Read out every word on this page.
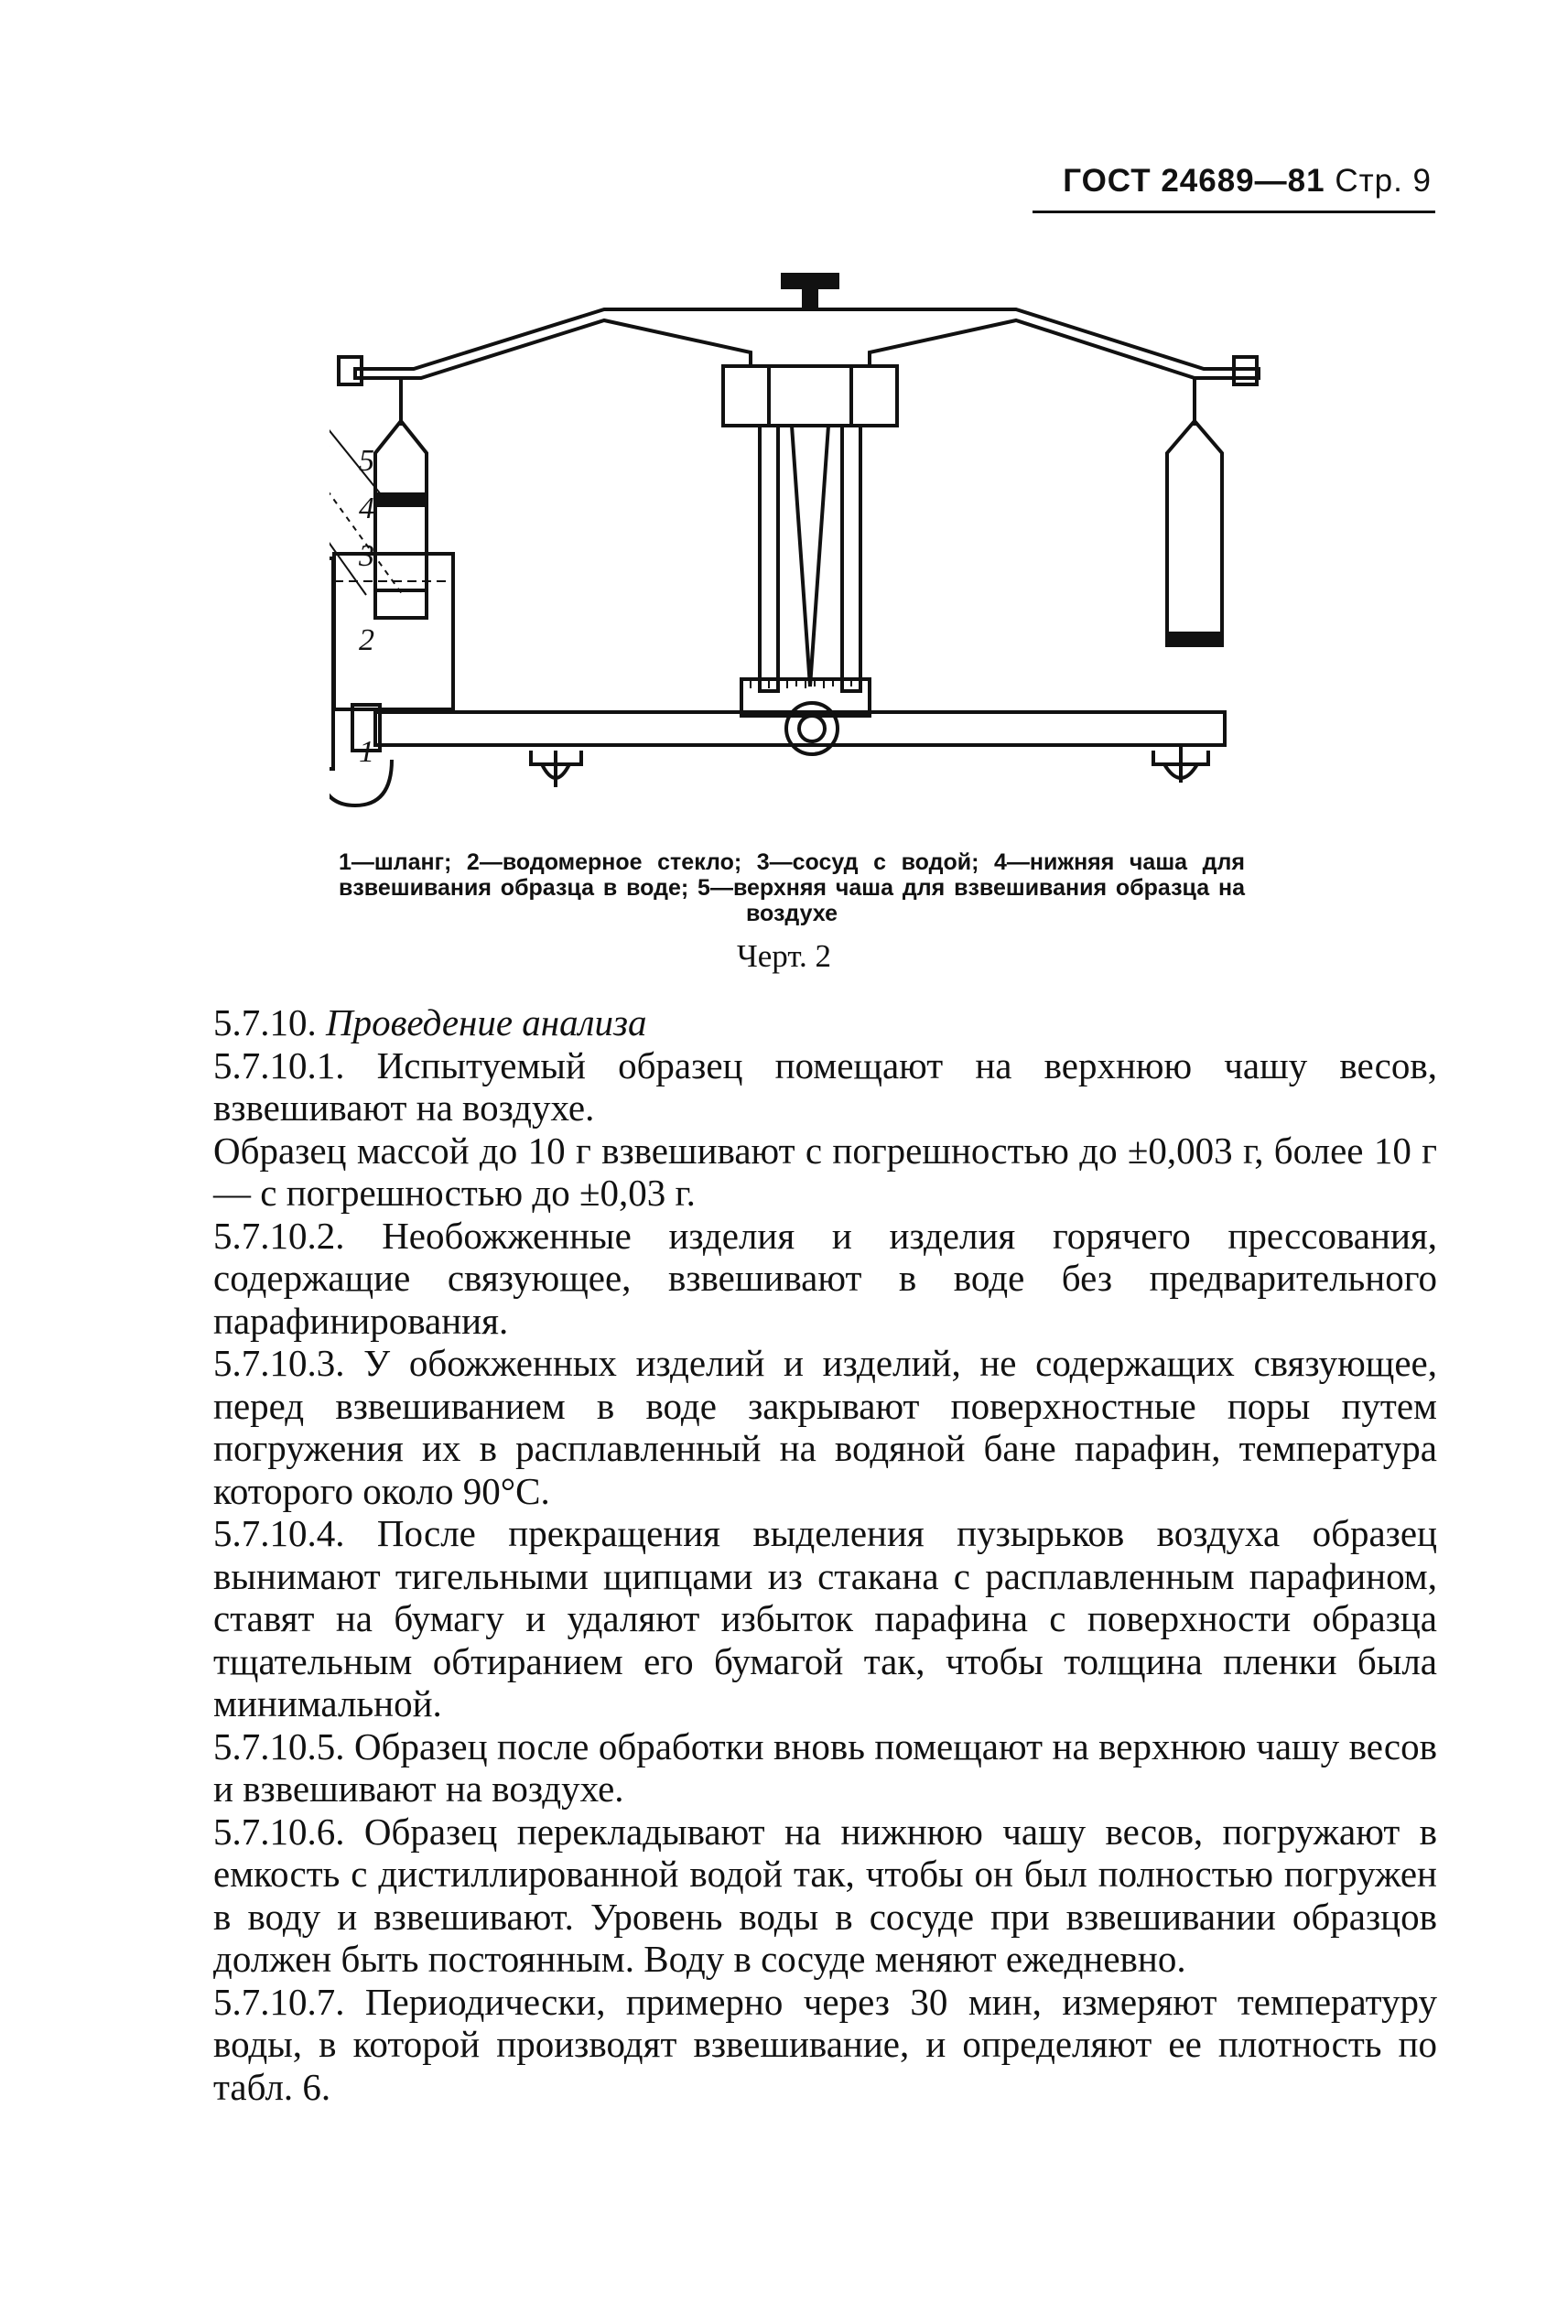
ГОСТ 24689—81 Стр. 9
5
4
3
2
1
1—шланг; 2—водомерное стекло; 3—сосуд с водой; 4—нижняя чаша для взвешивания образца в воде; 5—верхняя чаша для взвешивания образца на воздухе
Черт. 2

5.7.10. Проведение анализа

5.7.10.1. Испытуемый образец помещают на верхнюю чашу весов, взвешивают на воздухе.

Образец массой до 10 г взвешивают с погрешностью до ±0,003 г, более 10 г — с погрешностью до ±0,03 г.

5.7.10.2. Необожженные изделия и изделия горячего прессования, содержащие связующее, взвешивают в воде без предварительного парафинирования.

5.7.10.3. У обожженных изделий и изделий, не содержащих связующее, перед взвешиванием в воде закрывают поверхностные поры путем погружения их в расплавленный на водяной бане парафин, температура которого около 90°С.

5.7.10.4. После прекращения выделения пузырьков воздуха образец вынимают тигельными щипцами из стакана с расплавленным парафином, ставят на бумагу и удаляют избыток парафина с поверхности образца тщательным обтиранием его бумагой так, чтобы толщина пленки была минимальной.

5.7.10.5. Образец после обработки вновь помещают на верхнюю чашу весов и взвешивают на воздухе.

5.7.10.6. Образец перекладывают на нижнюю чашу весов, погружают в емкость с дистиллированной водой так, чтобы он был полностью погружен в воду и взвешивают. Уровень воды в сосуде при взвешивании образцов должен быть постоянным. Воду в сосуде меняют ежедневно.

5.7.10.7. Периодически, примерно через 30 мин, измеряют температуру воды, в которой производят взвешивание, и определяют ее плотность по табл. 6.
